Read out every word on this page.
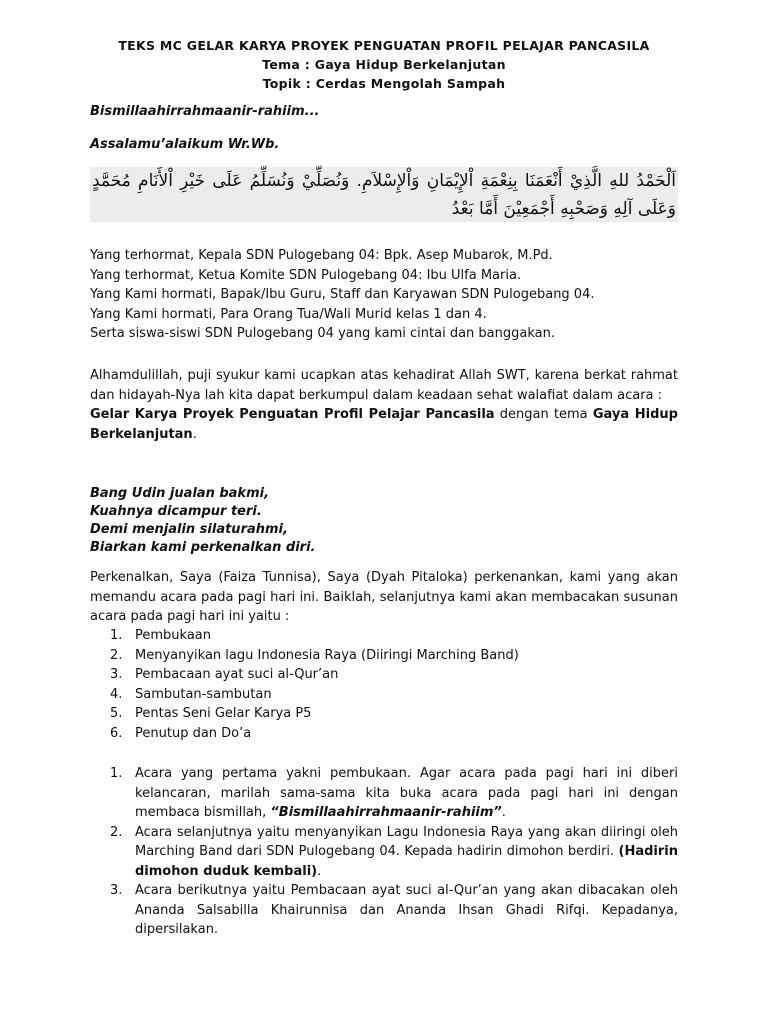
TEKS MC GELAR KARYA PROYEK PENGUATAN PROFIL PELAJAR PANCASILA
Tema : Gaya Hidup Berkelanjutan
Topik : Cerdas Mengolah Sampah
Bismillaahirrahmaanir-rahiim...
Assalamu’alaikum Wr.Wb.
اَلْحَمْدُ للهِ الَّذِيْ أَنْعَمَنَا بِنِعْمَةِ اْلإِيْمَانِ وَاْلإِسْلاَمِ. وَنُصَلِّيْ وَنُسَلِّمُ عَلَى خَيْرِ اْلأَنَامِ مُحَمَّدٍ وَعَلَى آلِهِ وَصَحْبِهِ أَجْمَعِيْنَ أَمَّا بَعْدُ
Yang terhormat, Kepala SDN Pulogebang 04: Bpk. Asep Mubarok, M.Pd.
Yang terhormat, Ketua Komite SDN Pulogebang 04: Ibu Ulfa Maria.
Yang Kami hormati, Bapak/Ibu Guru, Staff dan Karyawan SDN Pulogebang 04.
Yang Kami hormati, Para Orang Tua/Wali Murid kelas 1 dan 4.
Serta siswa-siswi SDN Pulogebang 04 yang kami cintai dan banggakan.
Alhamdulillah, puji syukur kami ucapkan atas kehadirat Allah SWT, karena berkat rahmat dan hidayah-Nya lah kita dapat berkumpul dalam keadaan sehat walafiat dalam acara :
Gelar Karya Proyek Penguatan Profil Pelajar Pancasila dengan tema Gaya Hidup Berkelanjutan.
Bang Udin jualan bakmi,
Kuahnya dicampur teri.
Demi menjalin silaturahmi,
Biarkan kami perkenalkan diri.
Perkenalkan, Saya (Faiza Tunnisa), Saya (Dyah Pitaloka) perkenankan, kami yang akan memandu acara pada pagi hari ini. Baiklah, selanjutnya kami akan membacakan susunan acara pada pagi hari ini yaitu :
1. Pembukaan
2. Menyanyikan lagu Indonesia Raya (Diiringi Marching Band)
3. Pembacaan ayat suci al-Qur’an
4. Sambutan-sambutan
5. Pentas Seni Gelar Karya P5
6. Penutup dan Do’a
1. Acara yang pertama yakni pembukaan. Agar acara pada pagi hari ini diberi kelancaran, marilah sama-sama kita buka acara pada pagi hari ini dengan membaca bismillah, “Bismillaahirrahmaanir-rahiim”.
2. Acara selanjutnya yaitu menyanyikan Lagu Indonesia Raya yang akan diiringi oleh Marching Band dari SDN Pulogebang 04. Kepada hadirin dimohon berdiri. (Hadirin dimohon duduk kembali).
3. Acara berikutnya yaitu Pembacaan ayat suci al-Qur’an yang akan dibacakan oleh Ananda Salsabilla Khairunnisa dan Ananda Ihsan Ghadi Rifqi. Kepadanya, dipersilakan.
